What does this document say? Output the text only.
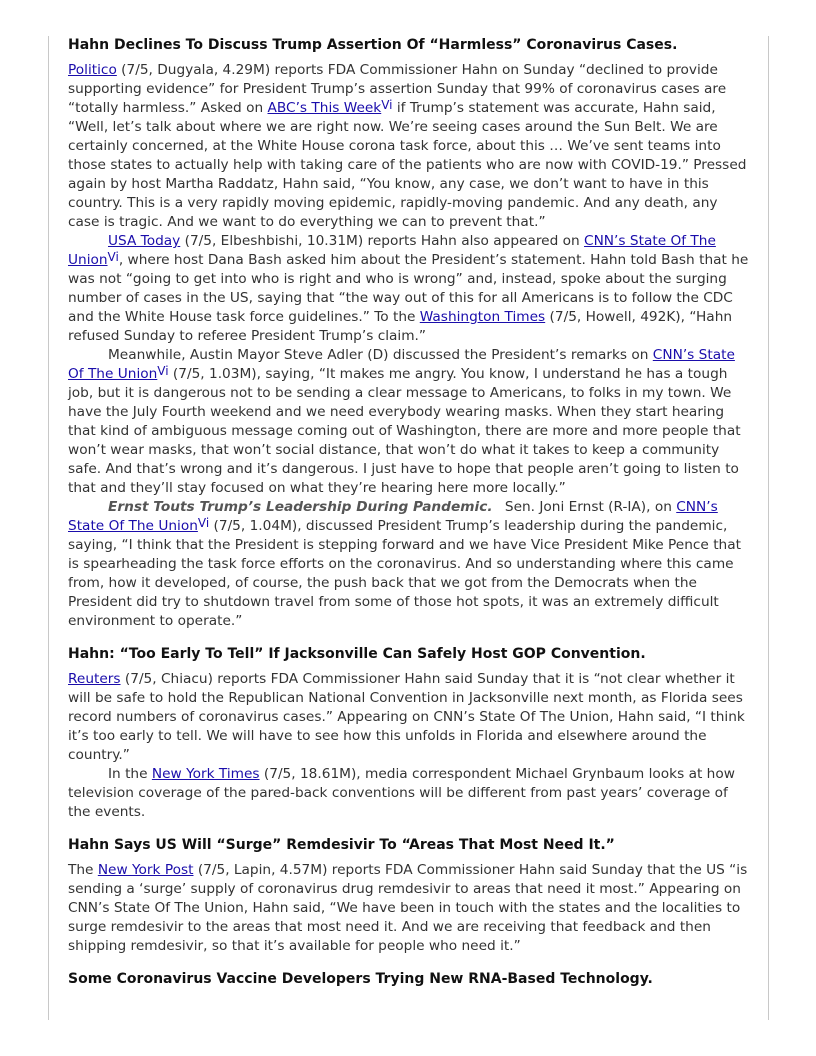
Hahn Declines To Discuss Trump Assertion Of “Harmless” Coronavirus Cases.

Politico (7/5, Dugyala, 4.29M) reports FDA Commissioner Hahn on Sunday “declined to provide supporting evidence” for President Trump’s assertion Sunday that 99% of coronavirus cases are “totally harmless.” Asked on ABC’s This Week$^{Vi}$ if Trump’s statement was accurate, Hahn said, “Well, let’s talk about where we are right now. We’re seeing cases around the Sun Belt. We are certainly concerned, at the White House corona task force, about this … We’ve sent teams into those states to actually help with taking care of the patients who are now with COVID-19.” Pressed again by host Martha Raddatz, Hahn said, “You know, any case, we don’t want to have in this country. This is a very rapidly moving epidemic, rapidly-moving pandemic. And any death, any case is tragic. And we want to do everything we can to prevent that.”

USA Today (7/5, Elbeshbishi, 10.31M) reports Hahn also appeared on CNN’s State Of The Union$^{Vi}$, where host Dana Bash asked him about the President’s statement. Hahn told Bash that he was not “going to get into who is right and who is wrong” and, instead, spoke about the surging number of cases in the US, saying that “the way out of this for all Americans is to follow the CDC and the White House task force guidelines.” To the Washington Times (7/5, Howell, 492K), “Hahn refused Sunday to referee President Trump’s claim.”

Meanwhile, Austin Mayor Steve Adler (D) discussed the President’s remarks on CNN’s State Of The Union$^{Vi}$ (7/5, 1.03M), saying, “It makes me angry. You know, I understand he has a tough job, but it is dangerous not to be sending a clear message to Americans, to folks in my town. We have the July Fourth weekend and we need everybody wearing masks. When they start hearing that kind of ambiguous message coming out of Washington, there are more and more people that won’t wear masks, that won’t social distance, that won’t do what it takes to keep a community safe. And that’s wrong and it’s dangerous. I just have to hope that people aren’t going to listen to that and they’ll stay focused on what they’re hearing here more locally.”

Ernst Touts Trump’s Leadership During Pandemic. Sen. Joni Ernst (R-IA), on CNN’s State Of The Union$^{Vi}$ (7/5, 1.04M), discussed President Trump’s leadership during the pandemic, saying, “I think that the President is stepping forward and we have Vice President Mike Pence that is spearheading the task force efforts on the coronavirus. And so understanding where this came from, how it developed, of course, the push back that we got from the Democrats when the President did try to shutdown travel from some of those hot spots, it was an extremely difficult environment to operate.”

Hahn: “Too Early To Tell” If Jacksonville Can Safely Host GOP Convention.

Reuters (7/5, Chiacu) reports FDA Commissioner Hahn said Sunday that it is “not clear whether it will be safe to hold the Republican National Convention in Jacksonville next month, as Florida sees record numbers of coronavirus cases.” Appearing on CNN’s State Of The Union, Hahn said, “I think it’s too early to tell. We will have to see how this unfolds in Florida and elsewhere around the country.”

In the New York Times (7/5, 18.61M), media correspondent Michael Grynbaum looks at how television coverage of the pared-back conventions will be different from past years’ coverage of the events.

Hahn Says US Will “Surge” Remdesivir To “Areas That Most Need It.”

The New York Post (7/5, Lapin, 4.57M) reports FDA Commissioner Hahn said Sunday that the US “is sending a ‘surge’ supply of coronavirus drug remdesivir to areas that need it most.” Appearing on CNN’s State Of The Union, Hahn said, “We have been in touch with the states and the localities to surge remdesivir to the areas that most need it. And we are receiving that feedback and then shipping remdesivir, so that it’s available for people who need it.”

Some Coronavirus Vaccine Developers Trying New RNA-Based Technology.
